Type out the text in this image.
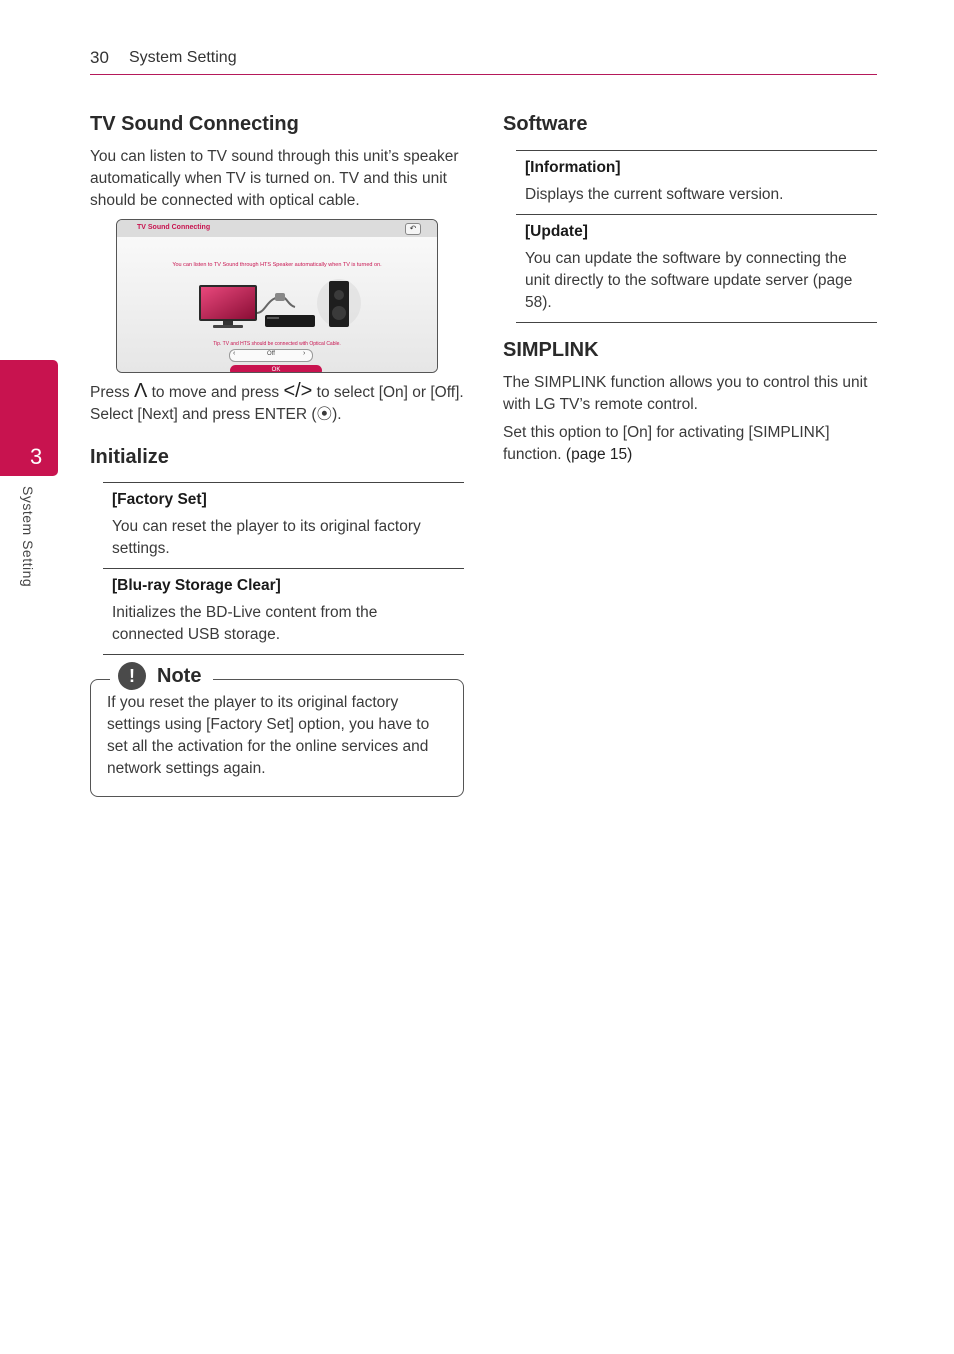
30 System Setting
3
System Setting
TV Sound Connecting

You can listen to TV sound through this unit’s speaker automatically when TV is turned on. TV and this unit should be connected with optical cable.

TV Sound Connecting	↶
You can listen to TV Sound through HTS Speaker automatically when TV is turned on.
Tip. TV and HTS should be connected with Optical Cable.
‹	Off	›
OK

Press Λ to move and press </> to select [On] or [Off]. Select [Next] and press ENTER (⦿).

Initialize
[Factory Set]
You can reset the player to its original factory settings.
[Blu-ray Storage Clear]
Initializes the BD-Live content from the connected USB storage.
!	Note

If you reset the player to its original factory settings using [Factory Set] option, you have to set all the activation for the online services and network settings again.

Software
[Information]
Displays the current software version.
[Update]
You can update the software by connecting the unit directly to the software update server (page 58).
SIMPLINK

The SIMPLINK function allows you to control this unit with LG TV’s remote control.

Set this option to [On] for activating [SIMPLINK] function. (page 15)
